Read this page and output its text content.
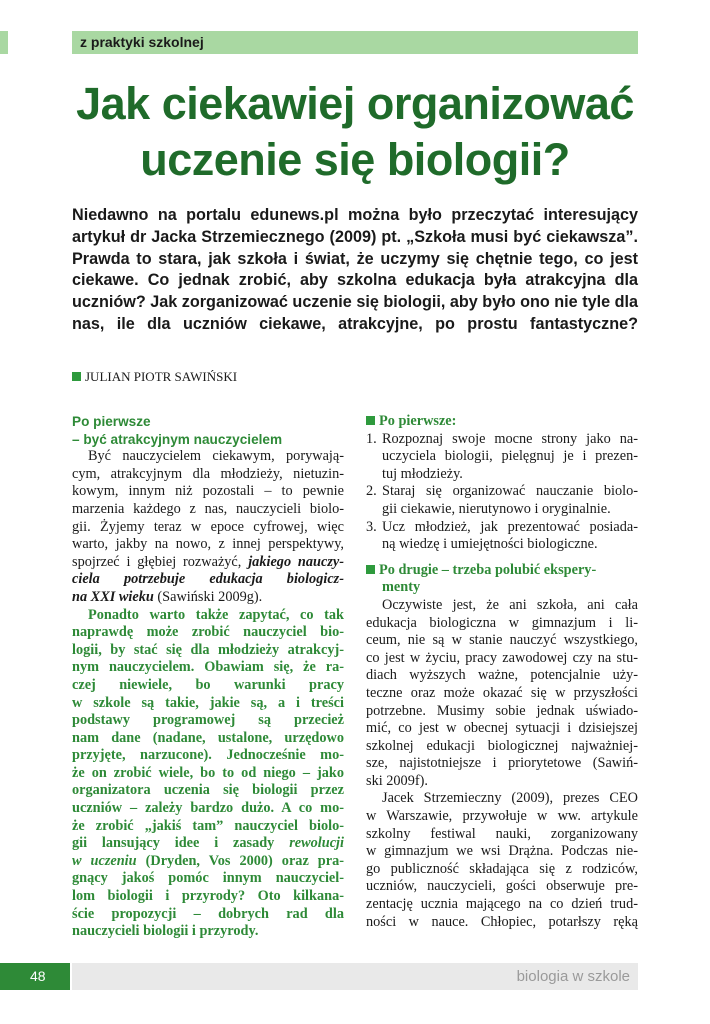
z praktyki szkolnej
Jak ciekawiej organizować
uczenie się biologii?
Niedawno na portalu edunews.pl można było przeczytać interesujący artykuł dr Jacka Strzemiecznego (2009) pt. „Szkoła musi być ciekawsza”. Prawda to stara, jak szkoła i świat, że uczymy się chętnie tego, co jest ciekawe. Co jednak zrobić, aby szkolna edukacja była atrakcyjna dla uczniów? Jak zorganizować uczenie się biologii, aby było ono nie tyle dla nas, ile dla uczniów ciekawe, atrakcyjne, po prostu fantastyczne?
JULIAN PIOTR SAWIŃSKI
Po pierwsze
– być atrakcyjnym nauczycielem
Być nauczycielem ciekawym, porywają-
cym, atrakcyjnym dla młodzieży, nietuzin-
kowym, innym niż pozostali – to pewnie
marzenia każdego z nas, nauczycieli biolo-
gii. Żyjemy teraz w epoce cyfrowej, więc
warto, jakby na nowo, z innej perspektywy,
spojrzeć i głębiej rozważyć, jakiego nauczy-
ciela potrzebuje edukacja biologicz-
na XXI wieku (Sawiński 2009g).
Ponadto warto także zapytać, co tak
naprawdę może zrobić nauczyciel bio-
logii, by stać się dla młodzieży atrakcyj-
nym nauczycielem. Obawiam się, że ra-
czej niewiele, bo warunki pracy
w szkole są takie, jakie są, a i treści
podstawy programowej są przecież
nam dane (nadane, ustalone, urzędowo
przyjęte, narzucone). Jednocześnie mo-
że on zrobić wiele, bo to od niego – jako
organizatora uczenia się biologii przez
uczniów – zależy bardzo dużo. A co mo-
że zrobić „jakiś tam” nauczyciel biolo-
gii lansujący idee i zasady rewolucji
w uczeniu (Dryden, Vos 2000) oraz pra-
gnący jakoś pomóc innym nauczyciel-
lom biologii i przyrody? Oto kilkana-
ście propozycji – dobrych rad dla
nauczycieli biologii i przyrody.
Po pierwsze:
1. Rozpoznaj swoje mocne strony jako na-
uczyciela biologii, pielęgnuj je i prezen-
tuj młodzieży.
2. Staraj się organizować nauczanie biolo-
gii ciekawie, nierutynowo i oryginalnie.
3. Ucz młodzież, jak prezentować posiada-
ną wiedzę i umiejętności biologiczne.
Po drugie – trzeba polubić ekspery-
menty
Oczywiste jest, że ani szkoła, ani cała
edukacja biologiczna w gimnazjum i li-
ceum, nie są w stanie nauczyć wszystkiego,
co jest w życiu, pracy zawodowej czy na stu-
diach wyższych ważne, potencjalnie uży-
teczne oraz może okazać się w przyszłości
potrzebne. Musimy sobie jednak uświado-
mić, co jest w obecnej sytuacji i dzisiejszej
szkolnej edukacji biologicznej najważniej-
sze, najistotniejsze i priorytetowe (Sawiń-
ski 2009f).
Jacek Strzemieczny (2009), prezes CEO
w Warszawie, przywołuje w ww. artykule
szkolny festiwal nauki, zorganizowany
w gimnazjum we wsi Drążna. Podczas nie-
go publiczność składająca się z rodziców,
uczniów, nauczycieli, gości obserwuje pre-
zentację ucznia mającego na co dzień trud-
ności w nauce. Chłopiec, potarłszy ręką
48	biologia w szkole
